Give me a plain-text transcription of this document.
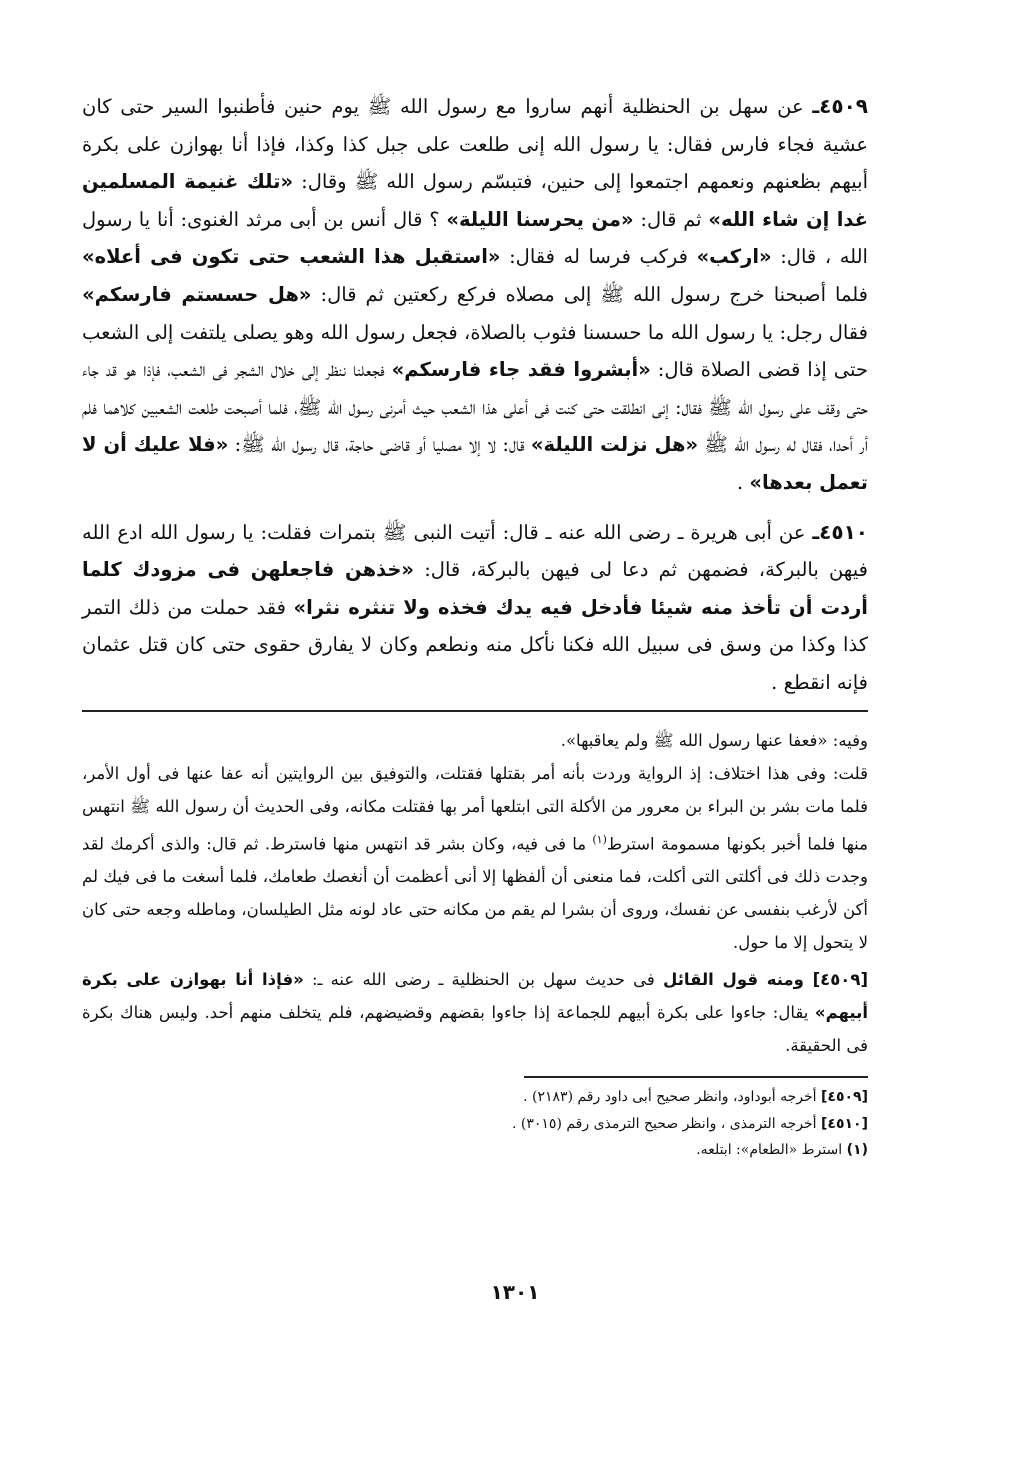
٤٥٠٩ـ عن سهل بن الحنظلية أنهم ساروا مع رسول الله ﷺ يوم حنين فأطنبوا السير حتى كان عشية فجاء فارس فقال: يا رسول الله إنى طلعت على جبل كذا وكذا، فإذا أنا بهوازن على بكرة أبيهم بظعنهم ونعمهم اجتمعوا إلى حنين، فتبسّم رسول الله ﷺ وقال: «تلك غنيمة المسلمين غدا إن شاء الله» ثم قال: «من يحرسنا الليلة» ؟ قال أنس بن أبى مرثد الغنوى: أنا يا رسول الله ، قال: «اركب» فركب فرسا له فقال: «استقبل هذا الشعب حتى تكون فى أعلاه» فلما أصبحنا خرج رسول الله ﷺ إلى مصلاه فركع ركعتين ثم قال: «هل حسستم فارسكم» فقال رجل: يا رسول الله ما حسسنا فثوب بالصلاة، فجعل رسول الله وهو يصلى يلتفت إلى الشعب حتى إذا قضى الصلاة قال: «أبشروا فقد جاء فارسكم» فجعلنا ننظر إلى خلال الشجر فى الشعب، فإذا هو قد جاء حتى وقف على رسول الله ﷺ فقال: إنى انطلقت حتى كنت فى أعلى هذا الشعب حيث أمرنى رسول الله ﷺ، فلما أصبحت طلعت الشعبين كلاهما فلم أر أحدا، فقال له رسول الله ﷺ «هل نزلت الليلة» قال: لا إلا مصليا أو قاضى حاجة، قال رسول الله ﷺ: «فلا عليك أن لا تعمل بعدها» .

٤٥١٠ـ عن أبى هريرة ـ رضى الله عنه ـ قال: أتيت النبى ﷺ بتمرات فقلت: يا رسول الله ادع الله فيهن بالبركة، فضمهن ثم دعا لى فيهن بالبركة، قال: «خذهن فاجعلهن فى مزودك كلما أردت أن تأخذ منه شيئا فأدخل فيه يدك فخذه ولا تنثره نثرا» فقد حملت من ذلك التمر كذا وكذا من وسق فى سبيل الله فكنا نأكل منه ونطعم وكان لا يفارق حقوى حتى كان قتل عثمان فإنه انقطع .

وفيه: «فعفا عنها رسول الله ﷺ ولم يعاقبها».

قلت: وفى هذا اختلاف: إذ الرواية وردت بأنه أمر بقتلها فقتلت، والتوفيق بين الروايتين أنه عفا عنها فى أول الأمر، فلما مات بشر بن البراء بن معرور من الأكلة التى ابتلعها أمر بها فقتلت مكانه، وفى الحديث أن رسول الله ﷺ انتهس منها فلما أخبر بكونها مسمومة استرط$^{(١)}$ ما فى فيه، وكان بشر قد انتهس منها فاسترط. ثم قال: والذى أكرمك لقد وجدت ذلك فى أكلتى التى أكلت، فما منعنى أن ألفظها إلا أنى أعظمت أن أنغصك طعامك، فلما أسغت ما فى فيك لم أكن لأرغب بنفسى عن نفسك، وروى أن بشرا لم يقم من مكانه حتى عاد لونه مثل الطيلسان، وماطله وجعه حتى كان لا يتحول إلا ما حول.

[٤٥٠٩] ومنه قول القائل فى حديث سهل بن الحنظلية ـ رضى الله عنه ـ: «فإذا أنا بهوازن على بكرة أبيهم» يقال: جاءوا على بكرة أبيهم للجماعة إذا جاءوا بقضهم وقضيضهم، فلم يتخلف منهم أحد. وليس هناك بكرة فى الحقيقة.

[٤٥٠٩] أخرجه أبوداود، وانظر صحيح أبى داود رقم (٢١٨٣) .

[٤٥١٠] أخرجه الترمذى ، وانظر صحيح الترمذى رقم (٣٠١٥) .

(١) استرط «الطعام»: ابتلعه.

١٣٠١
